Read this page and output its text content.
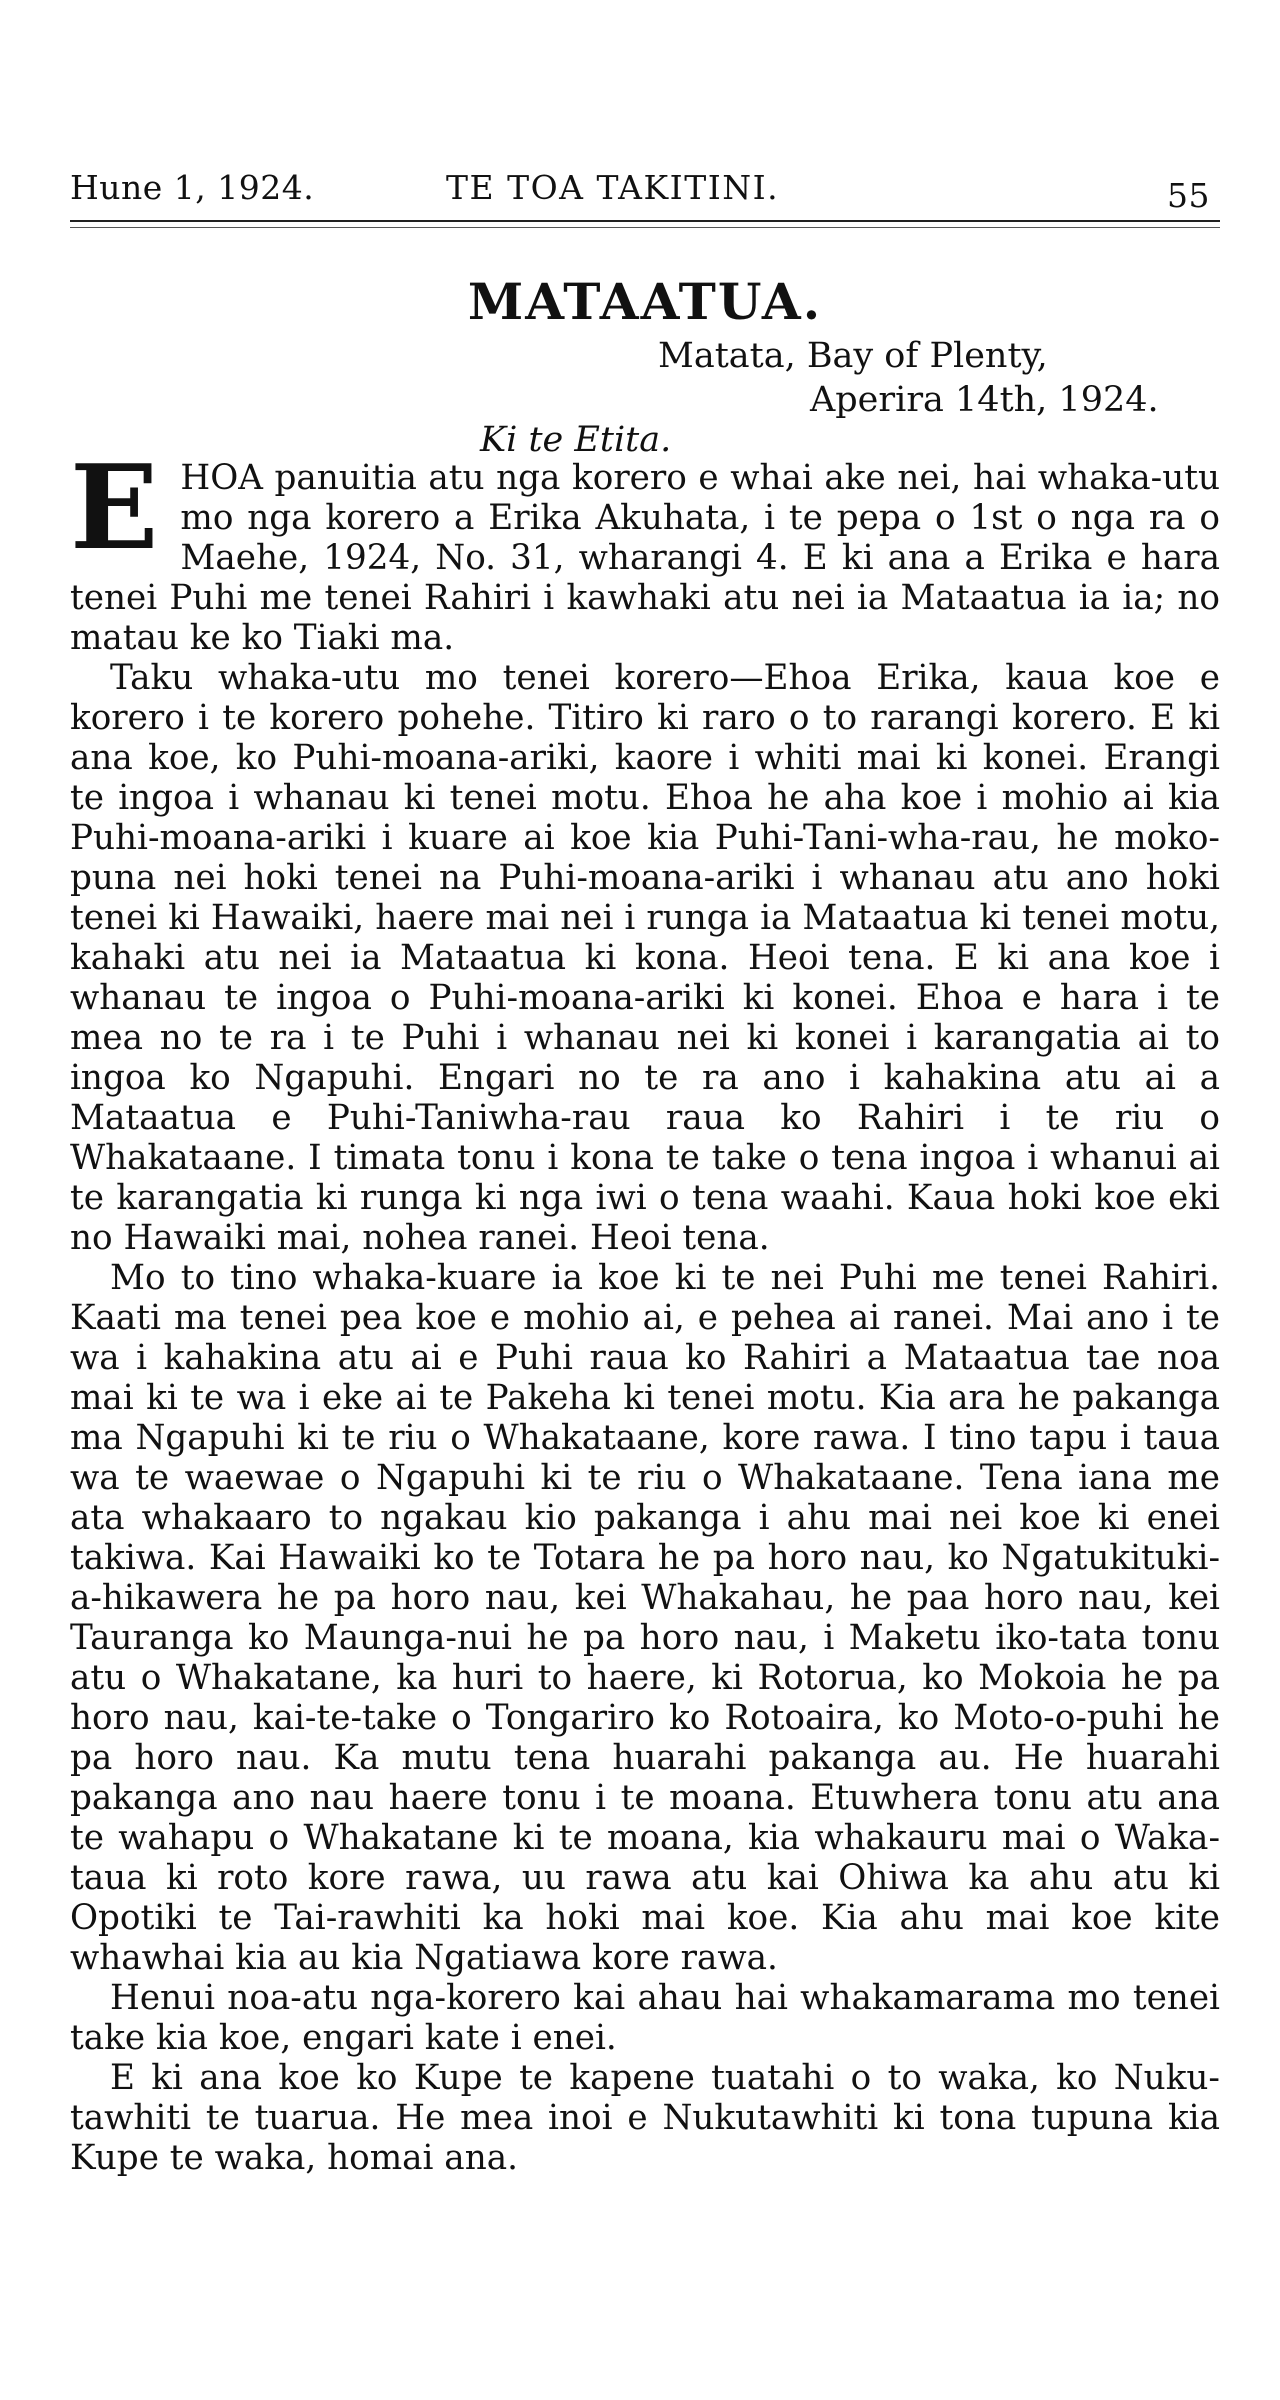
Hune 1, 1924.	TE TOA TAKITINI.	55
MATAATUA.
Matata, Bay of Plenty,
Aperira 14th, 1924.
Ki te Etita.

EHOA panuitia atu nga korero e whai ake nei, hai whaka-utu mo nga korero a Erika Akuhata, i te pepa o 1st o nga ra o Maehe, 1924, No. 31, wharangi 4. E ki ana a Erika e hara tenei Puhi me tenei Rahiri i kawhaki atu nei ia Mataatua ia ia; no matau ke ko Tiaki ma.

Taku whaka-utu mo tenei korero—Ehoa Erika, kaua koe e korero i te korero pohehe. Titiro ki raro o to rarangi korero. E ki ana koe, ko Puhi-moana-ariki, kaore i whiti mai ki konei. Erangi te ingoa i whanau ki tenei motu. Ehoa he aha koe i mohio ai kia Puhi-moana-ariki i kuare ai koe kia Puhi-Tani-wha-rau, he moko-puna nei hoki tenei na Puhi-moana-ariki i whanau atu ano hoki tenei ki Hawaiki, haere mai nei i runga ia Mataatua ki tenei motu, kahaki atu nei ia Mataatua ki kona. Heoi tena. E ki ana koe i whanau te ingoa o Puhi-moana-ariki ki konei. Ehoa e hara i te mea no te ra i te Puhi i whanau nei ki konei i karangatia ai to ingoa ko Ngapuhi. Engari no te ra ano i kahakina atu ai a Mataatua e Puhi-Taniwha-rau raua ko Rahiri i te riu o Whakataane. I timata tonu i kona te take o tena ingoa i whanui ai te karangatia ki runga ki nga iwi o tena waahi. Kaua hoki koe eki no Hawaiki mai, nohea ranei. Heoi tena.

Mo to tino whaka-kuare ia koe ki te nei Puhi me tenei Rahiri. Kaati ma tenei pea koe e mohio ai, e pehea ai ranei. Mai ano i te wa i kahakina atu ai e Puhi raua ko Rahiri a Mataatua tae noa mai ki te wa i eke ai te Pakeha ki tenei motu. Kia ara he pakanga ma Ngapuhi ki te riu o Whakataane, kore rawa. I tino tapu i taua wa te waewae o Ngapuhi ki te riu o Whakataane. Tena iana me ata whakaaro to ngakau kio pakanga i ahu mai nei koe ki enei takiwa. Kai Hawaiki ko te Totara he pa horo nau, ko Ngatukituki-a-hikawera he pa horo nau, kei Whakahau, he paa horo nau, kei Tauranga ko Maunga-nui he pa horo nau, i Maketu iko-tata tonu atu o Whakatane, ka huri to haere, ki Rotorua, ko Mokoia he pa horo nau, kai-te-take o Tongariro ko Rotoaira, ko Moto-o-puhi he pa horo nau. Ka mutu tena huarahi pakanga au. He huarahi pakanga ano nau haere tonu i te moana. Etuwhera tonu atu ana te wahapu o Whakatane ki te moana, kia whakauru mai o Waka-taua ki roto kore rawa, uu rawa atu kai Ohiwa ka ahu atu ki Opotiki te Tai-rawhiti ka hoki mai koe. Kia ahu mai koe kite whawhai kia au kia Ngatiawa kore rawa.

Henui noa-atu nga-korero kai ahau hai whakamarama mo tenei take kia koe, engari kate i enei.

E ki ana koe ko Kupe te kapene tuatahi o to waka, ko Nuku-tawhiti te tuarua. He mea inoi e Nukutawhiti ki tona tupuna kia Kupe te waka, homai ana.
